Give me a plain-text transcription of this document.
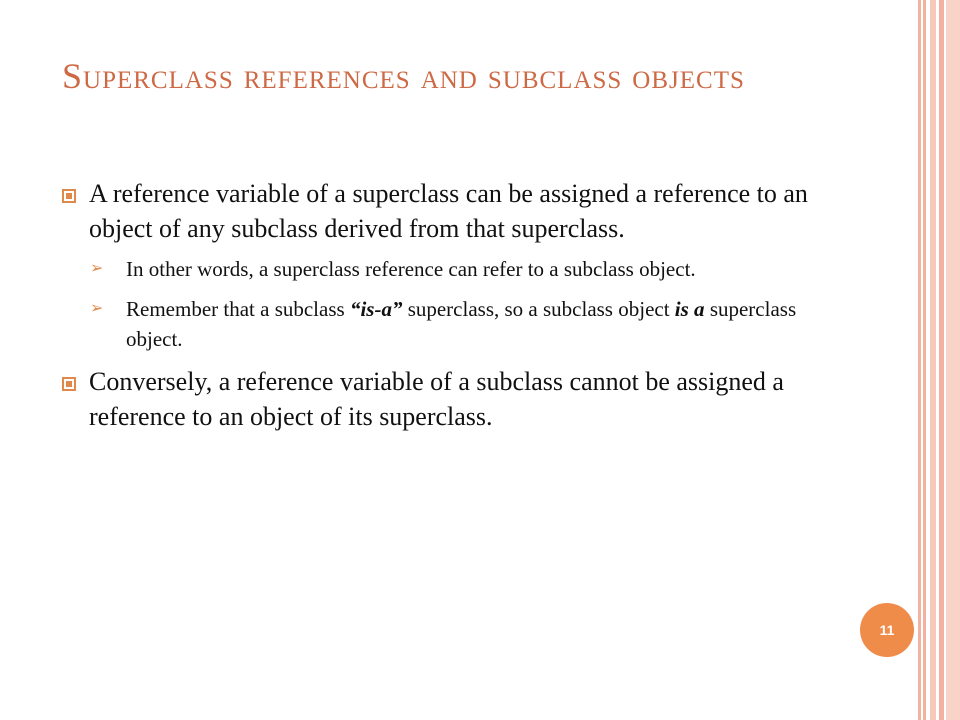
Superclass references and subclass objects
A reference variable of a superclass can be assigned a reference to an object of any subclass derived from that superclass.
➢ In other words, a superclass reference can refer to a subclass object.
➢ Remember that a subclass “is-a” superclass, so a subclass object is a superclass object.
Conversely, a reference variable of a subclass cannot be assigned a reference to an object of its superclass.
11
